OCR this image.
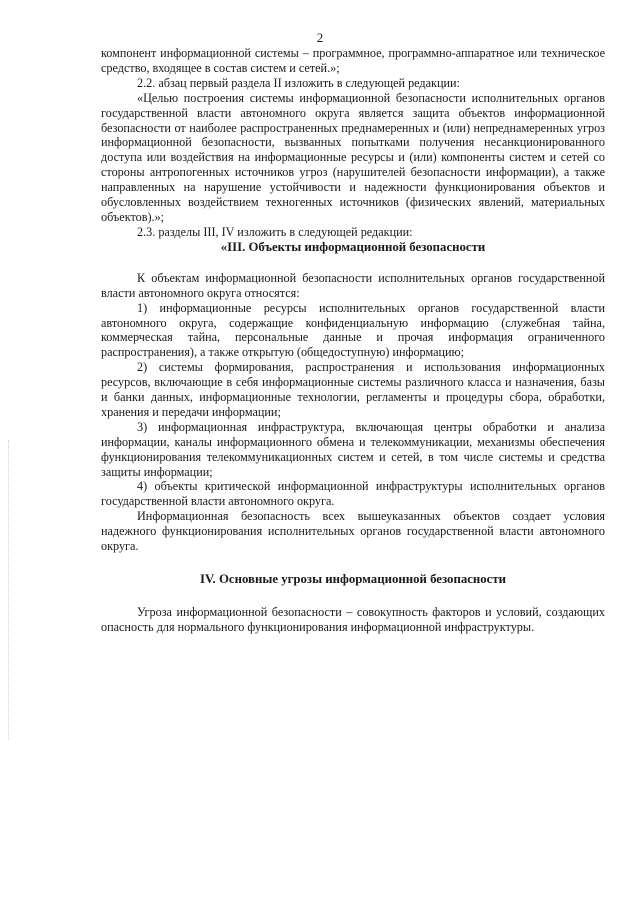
2

компонент информационной системы – программное, программно-аппаратное или техническое средство, входящее в состав систем и сетей.»;

2.2. абзац первый раздела II изложить в следующей редакции:

«Целью построения системы информационной безопасности исполнительных органов государственной власти автономного округа является защита объектов информационной безопасности от наиболее распространенных преднамеренных и (или) непреднамеренных угроз информационной безопасности, вызванных попытками получения несанкционированного доступа или воздействия на информационные ресурсы и (или) компоненты систем и сетей со стороны антропогенных источников угроз (нарушителей безопасности информации), а также направленных на нарушение устойчивости и надежности функционирования объектов и обусловленных воздействием техногенных источников (физических явлений, материальных объектов).»;

2.3. разделы III, IV изложить в следующей редакции:

«III. Объекты информационной безопасности

К объектам информационной безопасности исполнительных органов государственной власти автономного округа относятся:

1) информационные ресурсы исполнительных органов государственной власти автономного округа, содержащие конфиденциальную информацию (служебная тайна, коммерческая тайна, персональные данные и прочая информация ограниченного распространения), а также открытую (общедоступную) информацию;

2) системы формирования, распространения и использования информационных ресурсов, включающие в себя информационные системы различного класса и назначения, базы и банки данных, информационные технологии, регламенты и процедуры сбора, обработки, хранения и передачи информации;

3) информационная инфраструктура, включающая центры обработки и анализа информации, каналы информационного обмена и телекоммуникации, механизмы обеспечения функционирования телекоммуникационных систем и сетей, в том числе системы и средства защиты информации;

4) объекты критической информационной инфраструктуры исполнительных органов государственной власти автономного округа.

Информационная безопасность всех вышеуказанных объектов создает условия надежного функционирования исполнительных органов государственной власти автономного округа.

IV. Основные угрозы информационной безопасности

Угроза информационной безопасности – совокупность факторов и условий, создающих опасность для нормального функционирования информационной инфраструктуры.
